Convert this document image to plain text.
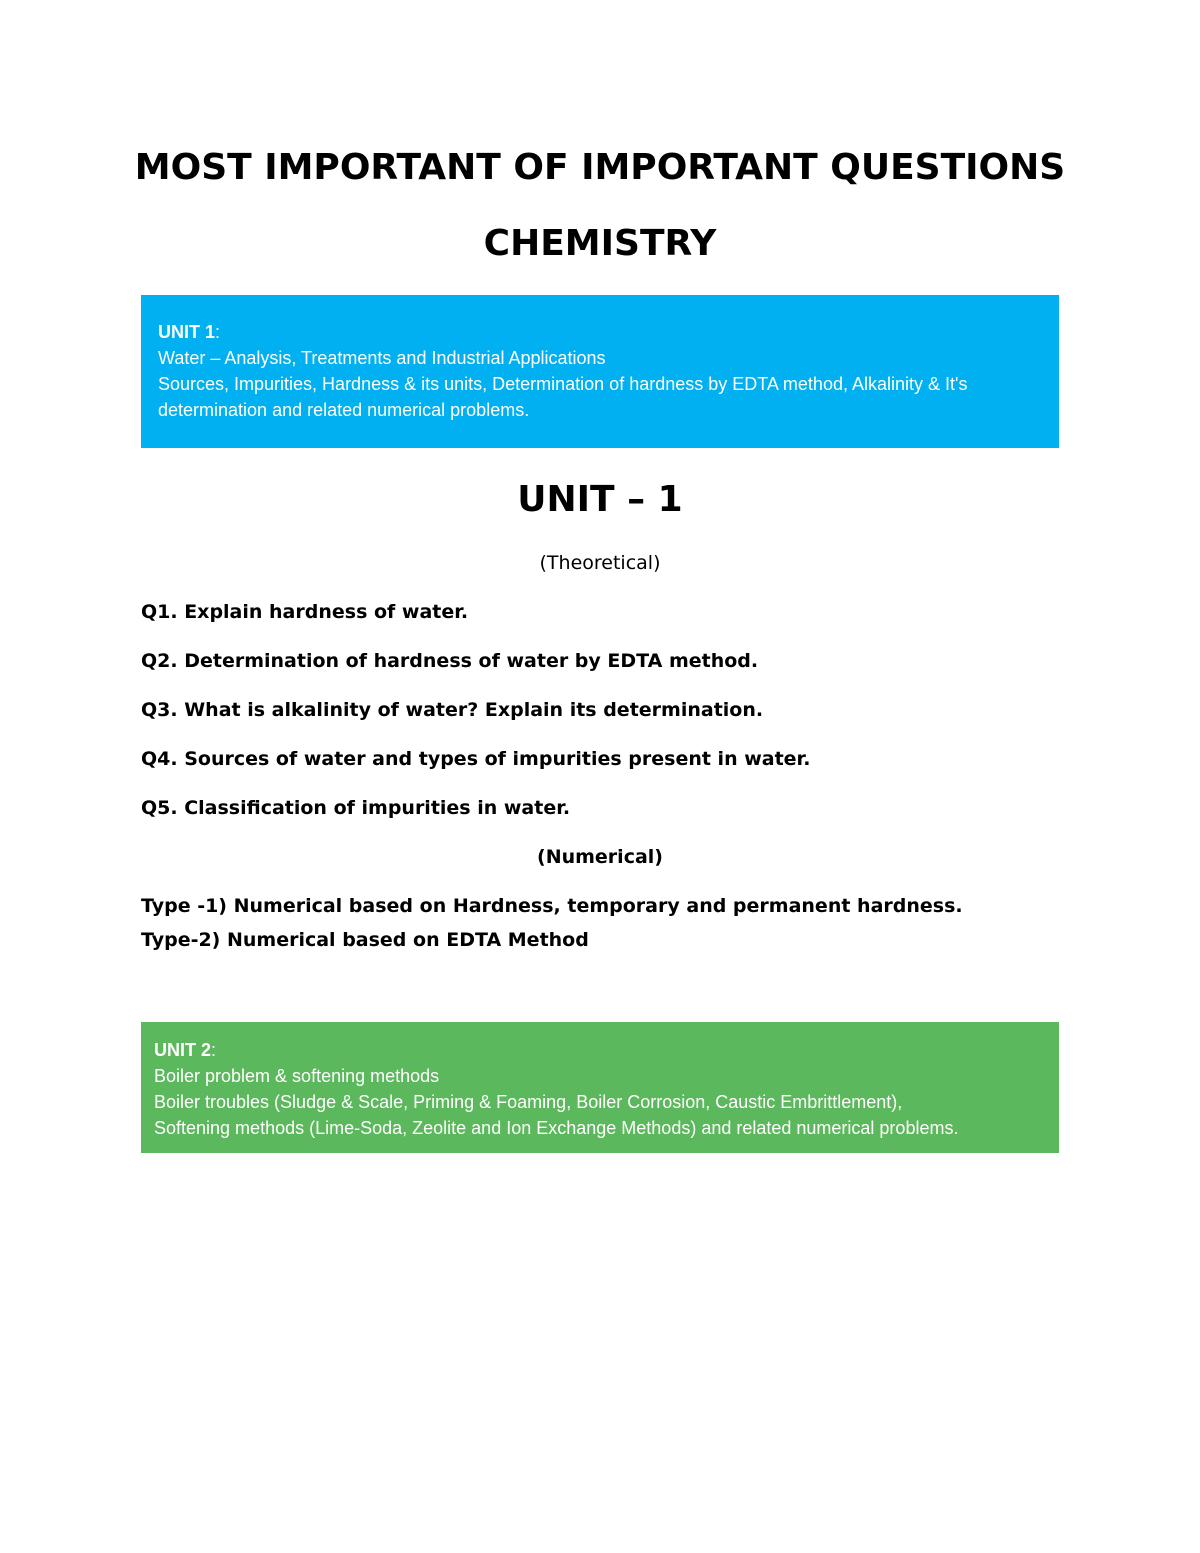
MOST IMPORTANT OF IMPORTANT QUESTIONS
CHEMISTRY
UNIT 1:
Water – Analysis, Treatments and Industrial Applications
Sources, Impurities, Hardness & its units, Determination of hardness by EDTA method, Alkalinity & It's
determination and related numerical problems.
UNIT – 1
(Theoretical)
Q1. Explain hardness of water.
Q2. Determination of hardness of water by EDTA method.
Q3. What is alkalinity of water? Explain its determination.
Q4. Sources of water and types of impurities present in water.
Q5. Classification of impurities in water.
(Numerical)
Type -1) Numerical based on Hardness, temporary and permanent hardness.
Type-2) Numerical based on EDTA Method
UNIT 2:
Boiler problem & softening methods
Boiler troubles (Sludge & Scale, Priming & Foaming, Boiler Corrosion, Caustic Embrittlement),
Softening methods (Lime-Soda, Zeolite and Ion Exchange Methods) and related numerical problems.
